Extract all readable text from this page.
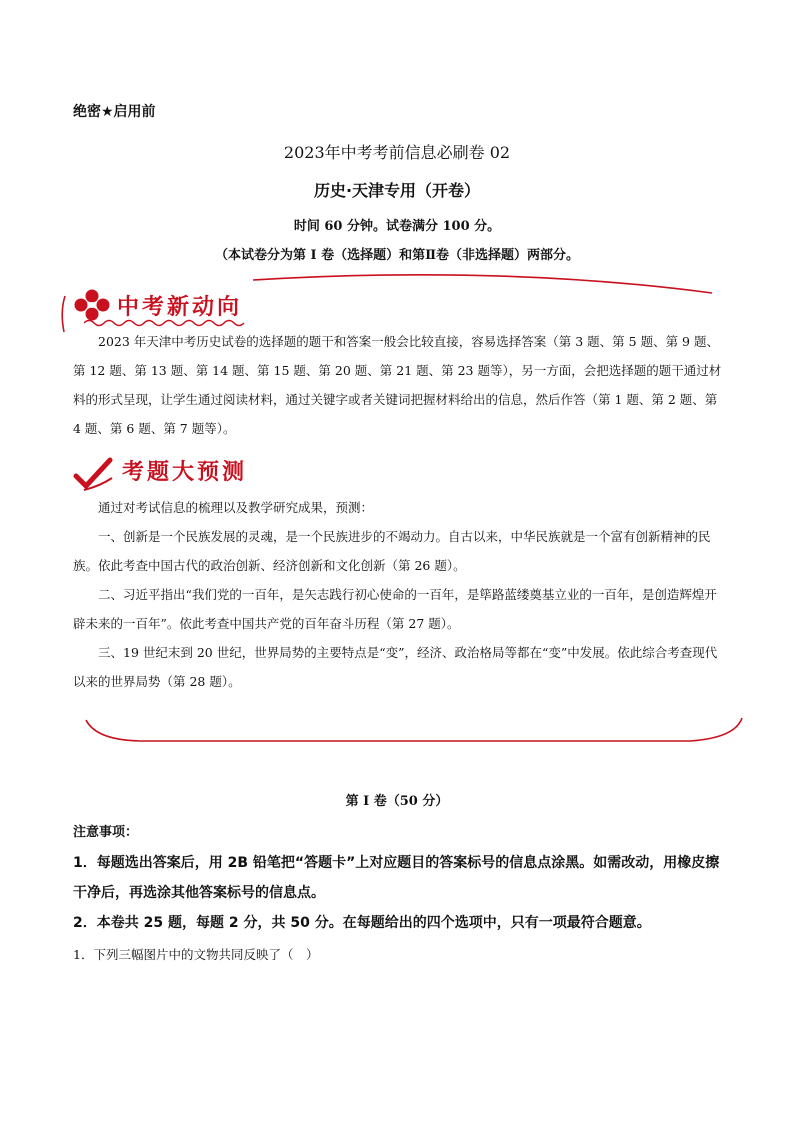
绝密★启用前
2023年中考考前信息必刷卷 02
历史·天津专用（开卷）
时间 60 分钟。试卷满分 100 分。
（本试卷分为第 I 卷（选择题）和第Ⅱ卷（非选择题）两部分。
中考新动向

2023 年天津中考历史试卷的选择题的题干和答案一般会比较直接，容易选择答案（第 3 题、第 5 题、第 9 题、第 12 题、第 13 题、第 14 题、第 15 题、第 20 题、第 21 题、第 23 题等），另一方面，会把选择题的题干通过材料的形式呈现，让学生通过阅读材料，通过关键字或者关键词把握材料给出的信息，然后作答（第 1 题、第 2 题、第 4 题、第 6 题、第 7 题等）。

考题大预测

通过对考试信息的梳理以及教学研究成果，预测：

一、创新是一个民族发展的灵魂，是一个民族进步的不竭动力。自古以来，中华民族就是一个富有创新精神的民族。依此考查中国古代的政治创新、经济创新和文化创新（第 26 题）。

二、习近平指出“我们党的一百年，是矢志践行初心使命的一百年，是筚路蓝缕奠基立业的一百年，是创造辉煌开辟未来的一百年”。依此考查中国共产党的百年奋斗历程（第 27 题）。

三、19 世纪末到 20 世纪，世界局势的主要特点是“变”，经济、政治格局等都在“变”中发展。依此综合考查现代以来的世界局势（第 28 题）。

第 I 卷（50 分）
注意事项：

1．每题选出答案后，用 2B 铅笔把“答题卡”上对应题目的答案标号的信息点涂黑。如需改动，用橡皮擦干净后，再选涂其他答案标号的信息点。

2．本卷共 25 题，每题 2 分，共 50 分。在每题给出的四个选项中，只有一项最符合题意。

1．下列三幅图片中的文物共同反映了（　）
